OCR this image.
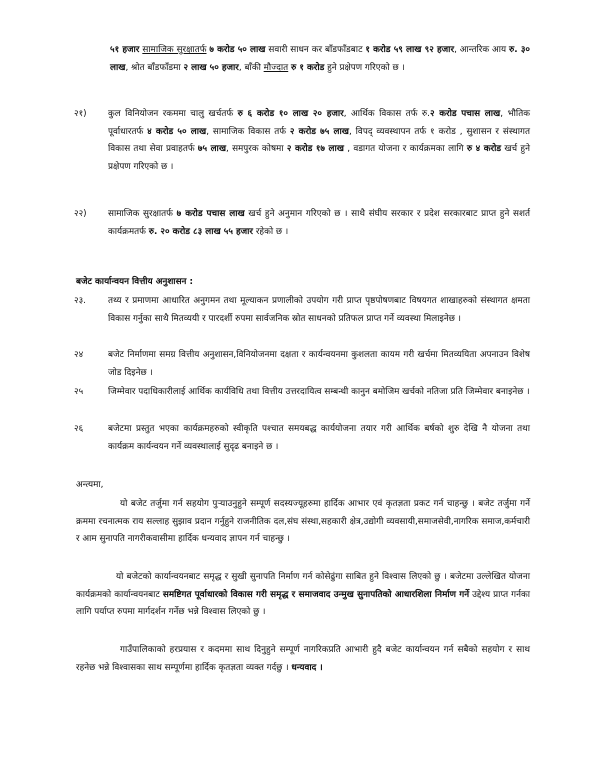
५१ हजार सामाजिक सुरक्षातर्फ ७ करोड ५० लाख सवारी साधन कर बाँडफाँडबाट १ करोड ५९ लाख ९२ हजार, आन्तरिक आय रु. ३० लाख, श्रोत बाँडफाँडमा २ लाख ५० हजार, बाँकी मौज्दात रु १ करोड हुने प्रक्षेपण गरिएको छ ।
२१) कुल विनियोजन रकममा चालु खर्चतर्फ रु ६ करोड १० लाख २० हजार, आर्थिक विकास तर्फ रु.२ करोड पचास लाख, भौतिक पूर्वाधारतर्फ ४ करोड ५० लाख, सामाजिक विकास तर्फ २ करोड ७५ लाख, विपद् व्यवस्थापन तर्फ १ करोड , सुशासन र संस्थागत विकास तथा सेवा प्रवाहतर्फ ७५ लाख, समपुरक कोषमा २ करोड १७ लाख , वडागत योजना र कार्यक्रमका लागि रु ४ करोड खर्च हुने प्रक्षेपण गरिएको छ ।
२२) सामाजिक सुरक्षातर्फ ७ करोड पचास लाख खर्च हुने अनुमान गरिएको छ । साथै संघीय सरकार र प्रदेश सरकारबाट प्राप्त हुने सशर्त कार्यक्रमतर्फ रु. २० करोड ८३ लाख ५५ हजार रहेको छ ।
बजेट कार्यान्वयन वित्तीय अनुशासन :
२३.	तथ्य र प्रमाणमा आधारित अनुगमन तथा मूल्याकन प्रणालीको उपयोग गरी प्राप्त पृष्ठपोषणबाट विषयगत शाखाहरुको संस्थागत क्षमता विकास गर्नुका साथै मितव्ययी र पारदर्शी रुपमा सार्वजनिक स्रोत साधनको प्रतिफल प्राप्त गर्ने व्यवस्था मिलाइनेछ ।
२४	बजेट निर्माणमा समग्र वित्तीय अनुशासन,विनियोजनमा दक्षता र कार्यन्वयनमा कुशलता कायम गरी खर्चमा मितव्ययिता अपनाउन विशेष जोड दिइनेछ ।
२५	जिम्मेवार पदाधिकारीलाई आर्थिक कार्यविधि तथा वित्तीय उत्तरदायित्व सम्बन्धी कानुन बमोजिम खर्चको नतिजा प्रति जिम्मेवार बनाइनेछ ।
२६	बजेटमा प्रस्तुत भएका कार्यक्रमहरुको स्वीकृति पश्चात समयबद्ध कार्ययोजना तयार गरी आर्थिक बर्षको शुरु देखि नै योजना तथा कार्यक्रम कार्यन्वयन गर्ने व्यवस्थालाई सुदृढ बनाइने छ ।
अन्त्यमा,
यो बजेट तर्जुमा गर्न सहयोग पुर्‍याउनुहुने सम्पूर्ण सदस्यज्यूहरुमा हार्दिक आभार एवं कृतज्ञता प्रकट गर्न चाहन्छु । बजेट तर्जुमा गर्ने क्रममा रचनात्मक राय सल्लाह सुझाव प्रदान गर्नुहुने राजनीतिक दल,संघ संस्था,सहकारी क्षेत्र,उद्योगी व्यवसायी,समाजसेवी,नागरिक समाज,कर्मचारी र आम सुनापति नागरीकवासीमा हार्दिक धन्यवाद ज्ञापन गर्न चाहन्छु ।
यो बजेटको कार्यान्वयनबाट समृद्ध र सुखी सुनापति निर्माण गर्न कोसेढुंगा साबित हुने विश्वास लिएको छु । बजेटमा उल्लेखित योजना कार्यक्रमको कार्यान्वयनबाट समष्टिगत पूर्वाधारको विकास गरी समृद्ध र समाजवाद उन्मुख सुनापतिको आधारशिला निर्माण गर्ने उद्देश्य प्राप्त गर्नका लागि पर्याप्त रुपमा मार्गदर्शन गर्नेछ भन्ने विश्वास लिएको छु ।
गाउँपालिकाको हरप्रयास र कदममा साथ दिनुहुने सम्पूर्ण नागरिकप्रति आभारी हुदै बजेट कार्यान्वयन गर्न सबैको सहयोग र साथ रहनेछ भन्ने विश्वासका साथ सम्पूर्णमा हार्दिक कृतज्ञता व्यक्त गर्दछु । धन्यवाद ।
